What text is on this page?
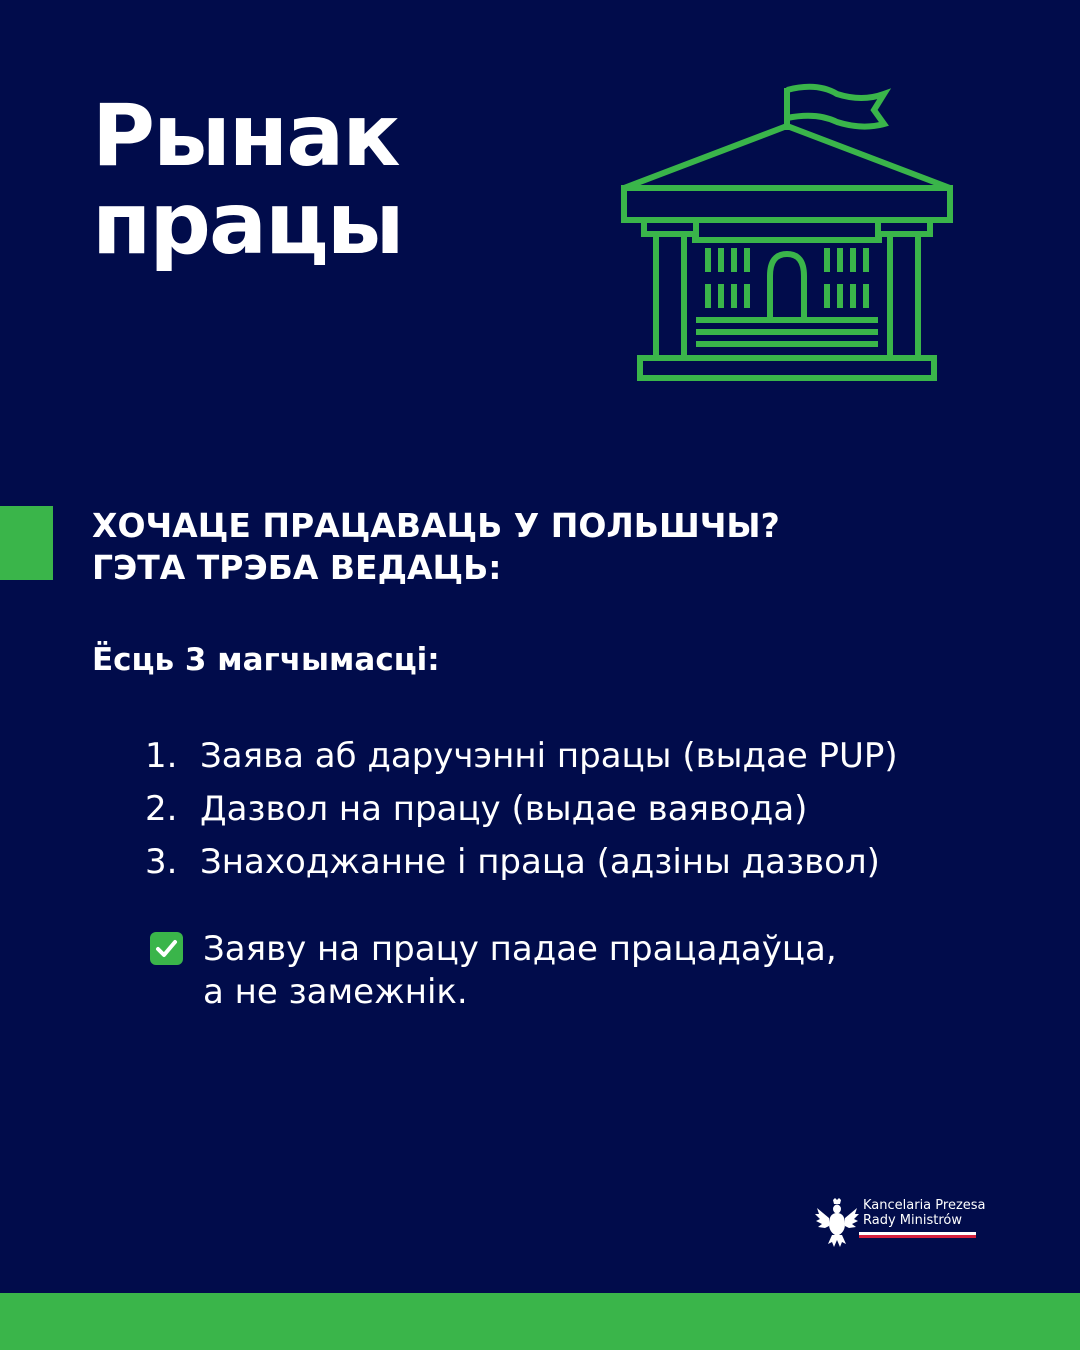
Рынак
працы
ХОЧАЦЕ ПРАЦАВАЦЬ У ПОЛЬШЧЫ?
ГЭТА ТРЭБА ВЕДАЦЬ:
Ёсць 3 магчымасці:
1. Заява аб даручэнні працы (выдае PUP)
2. Дазвол на працу (выдае ваявода)
3. Знаходжанне і праца (адзіны дазвол)
Заяву на працу падае працадаўца,
а не замежнік.
Kancelaria Prezesa
Rady Ministrów
